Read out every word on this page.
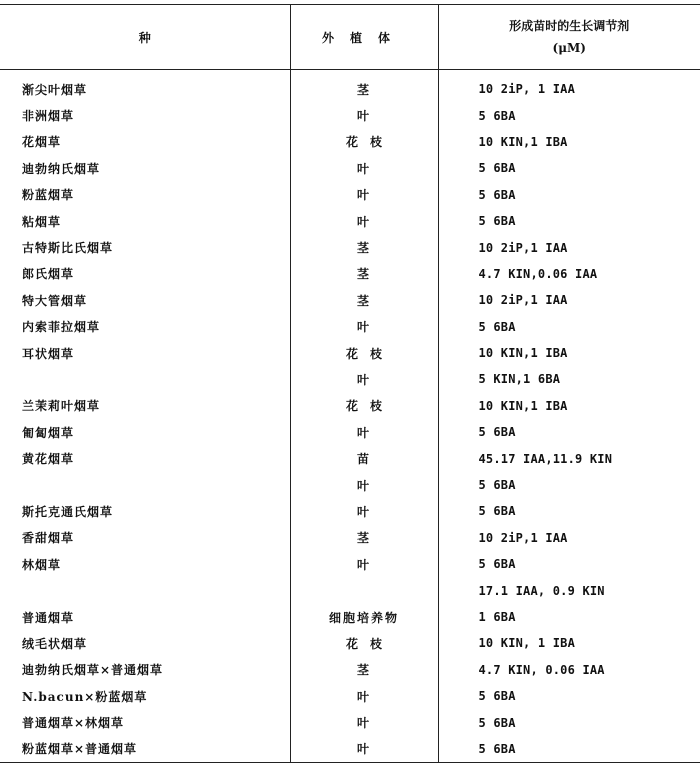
种	外植体	形成苗时的生长调节剂
(μM)

渐尖叶烟草	茎	10 2iP, 1 IAA
非洲烟草	叶	5 6BA
花烟草	花枝	10 KIN,1 IBA
迪勃纳氏烟草	叶	5 6BA
粉蓝烟草	叶	5 6BA
粘烟草	叶	5 6BA
古特斯比氏烟草	茎	10 2iP,1 IAA
郎氏烟草	茎	4.7 KIN,0.06 IAA
特大管烟草	茎	10 2iP,1 IAA
内索菲拉烟草	叶	5 6BA
耳状烟草	花枝	10 KIN,1 IBA
	叶	5 KIN,1 6BA
兰茉莉叶烟草	花枝	10 KIN,1 IBA
匍匐烟草	叶	5 6BA
黄花烟草	苗	45.17 IAA,11.9 KIN
	叶	5 6BA
斯托克通氏烟草	叶	5 6BA
香甜烟草	茎	10 2iP,1 IAA
林烟草	叶	5 6BA
		17.1 IAA, 0.9 KIN
普通烟草	细胞培养物	1 6BA
绒毛状烟草	花枝	10 KIN, 1 IBA
迪勃纳氏烟草×普通烟草	茎	4.7 KIN, 0.06 IAA
N.bacun×粉蓝烟草	叶	5 6BA
普通烟草×林烟草	叶	5 6BA
粉蓝烟草×普通烟草	叶	5 6BA
